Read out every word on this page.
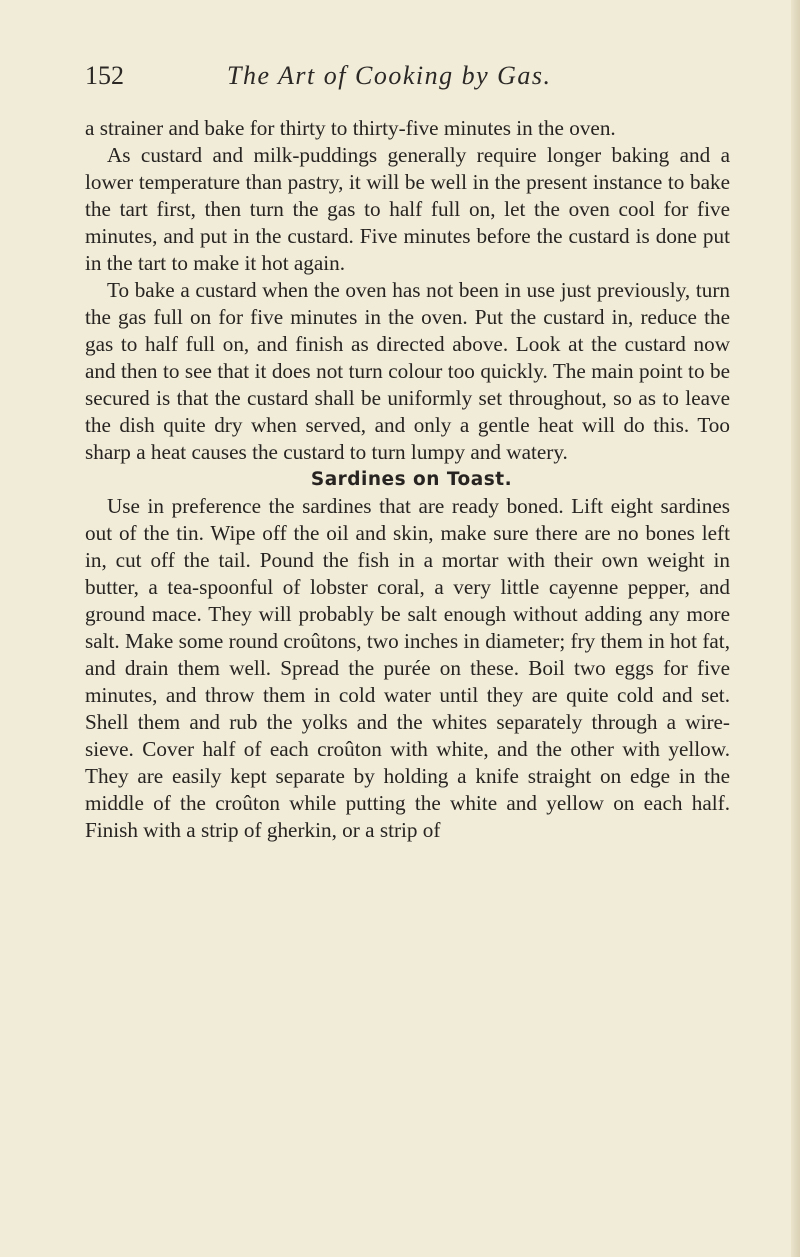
152	The Art of Cooking by Gas.

a strainer and bake for thirty to thirty-five minutes in the oven.

As custard and milk-puddings generally require longer baking and a lower temperature than pastry, it will be well in the present instance to bake the tart first, then turn the gas to half full on, let the oven cool for five minutes, and put in the custard. Five minutes before the custard is done put in the tart to make it hot again.

To bake a custard when the oven has not been in use just previously, turn the gas full on for five minutes in the oven. Put the custard in, reduce the gas to half full on, and finish as directed above. Look at the custard now and then to see that it does not turn colour too quickly. The main point to be secured is that the custard shall be uniformly set throughout, so as to leave the dish quite dry when served, and only a gentle heat will do this. Too sharp a heat causes the custard to turn lumpy and watery.

Sardines on Toast.

Use in preference the sardines that are ready boned. Lift eight sardines out of the tin. Wipe off the oil and skin, make sure there are no bones left in, cut off the tail. Pound the fish in a mortar with their own weight in butter, a tea-spoonful of lobster coral, a very little cayenne pepper, and ground mace. They will probably be salt enough without adding any more salt. Make some round croûtons, two inches in diameter; fry them in hot fat, and drain them well. Spread the purée on these. Boil two eggs for five minutes, and throw them in cold water until they are quite cold and set. Shell them and rub the yolks and the whites separately through a wire-sieve. Cover half of each croûton with white, and the other with yellow. They are easily kept separate by holding a knife straight on edge in the middle of the croûton while putting the white and yellow on each half. Finish with a strip of gherkin, or a strip of
